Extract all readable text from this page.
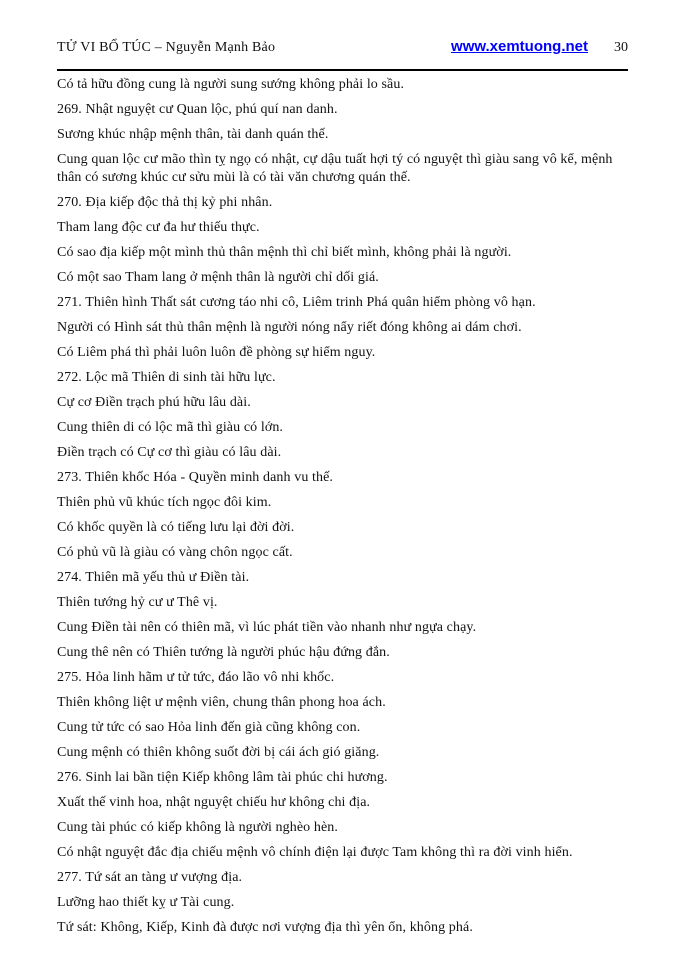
TỬ VI BỔ TÚC – Nguyễn Mạnh Bảo	www.xemtuong.net 30

Có tả hữu đồng cung là người sung sướng không phải lo sầu.

269. Nhật nguyệt cư Quan lộc, phú quí nan danh.

Sương khúc nhập mệnh thân, tài danh quán thế.

Cung quan lộc cư mão thìn tỵ ngọ có nhật, cự dậu tuất hợi tý có nguyệt thì giàu sang vô kể, mệnh thân có sương khúc cư sửu mùi là có tài văn chương quán thế.

270. Địa kiếp độc thả thị kỷ phi nhân.

Tham lang độc cư đa hư thiếu thực.

Có sao địa kiếp một mình thủ thân mệnh thì chỉ biết mình, không phải là người.

Có một sao Tham lang ở mệnh thân là người chỉ dối giá.

271. Thiên hình Thất sát cương táo nhi cô, Liêm trinh Phá quân hiểm phòng vô hạn.

Người có Hình sát thủ thân mệnh là người nóng nẩy riết đóng không ai dám chơi.

Có Liêm phá thì phải luôn luôn đề phòng sự hiểm nguy.

272. Lộc mã Thiên di sinh tài hữu lực.

Cự cơ Điền trạch phú hữu lâu dài.

Cung thiên di có lộc mã thì giàu có lớn.

Điền trạch có Cự cơ thì giàu có lâu dài.

273. Thiên khốc Hóa - Quyền minh danh vu thế.

Thiên phủ vũ khúc tích ngọc đôi kim.

Có khốc quyền là có tiếng lưu lại đời đời.

Có phủ vũ là giàu có vàng chôn ngọc cất.

274. Thiên mã yếu thủ ư Điền tài.

Thiên tướng hỷ cư ư Thê vị.

Cung Điền tài nên có thiên mã, vì lúc phát tiền vào nhanh như ngựa chạy.

Cung thê nên có Thiên tướng là người phúc hậu đứng đắn.

275. Hỏa linh hãm ư tử tức, đáo lão vô nhi khốc.

Thiên không liệt ư mệnh viên, chung thân phong hoa ách.

Cung tử tức có sao Hỏa linh đến già cũng không con.

Cung mệnh có thiên không suốt đời bị cái ách gió giăng.

276. Sinh lai bần tiện Kiếp không lâm tài phúc chi hương.

Xuất thế vinh hoa, nhật nguyệt chiếu hư không chi địa.

Cung tài phúc có kiếp không là người nghèo hèn.

Có nhật nguyệt đắc địa chiếu mệnh vô chính điện lại được Tam không thì ra đời vinh hiển.

277. Tứ sát an tàng ư vượng địa.

Lưỡng hao thiết kỵ ư Tài cung.

Tứ sát: Không, Kiếp, Kinh đà được nơi vượng địa thì yên ổn, không phá.
